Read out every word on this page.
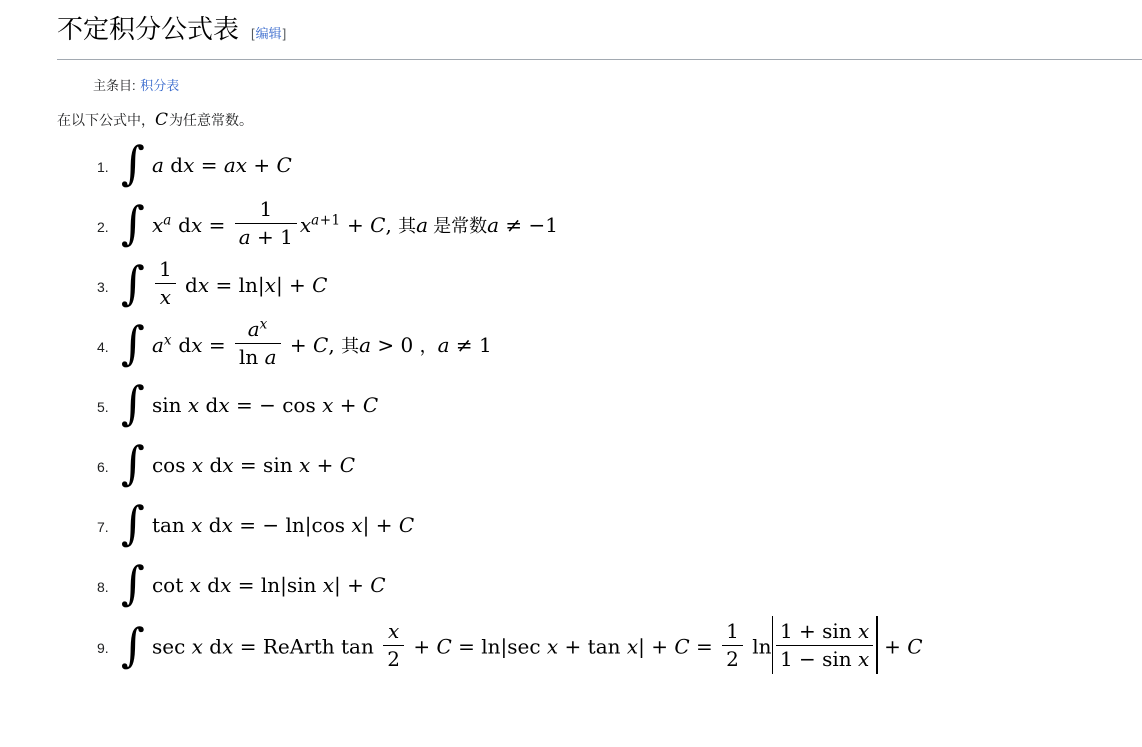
不定积分公式表 [编辑]
主条目: 积分表

在以下公式中，C为任意常数。

1. ∫ a dx = ax + C
2. ∫ $x^a$ dx = $\frac{1}{a + 1} x^{a+1} + C$, 其a 是常数a ≠ −1
3. ∫ $\frac{1}{x}$ dx = ln|x| + C
4. ∫ $a^x$ dx = $\frac{a^x}{\text{ln a}} + C$, 其a > 0 ，a ≠ 1
5. ∫ sin x dx = − cos x + C
6. ∫ cos x dx = sin x + C
7. ∫ tan x dx = − ln|cos x| + C
8. ∫ cot x dx = ln|sin x| + C
9. ∫ sec x dx = ReArth $\tan \frac{x}{2} + C = \ln|\sec$ $x + \tan x| + C = \frac{1}{2}$ $\ln \frac{\text{1 + sin x}}{\text{1 − sin x}} + C$
